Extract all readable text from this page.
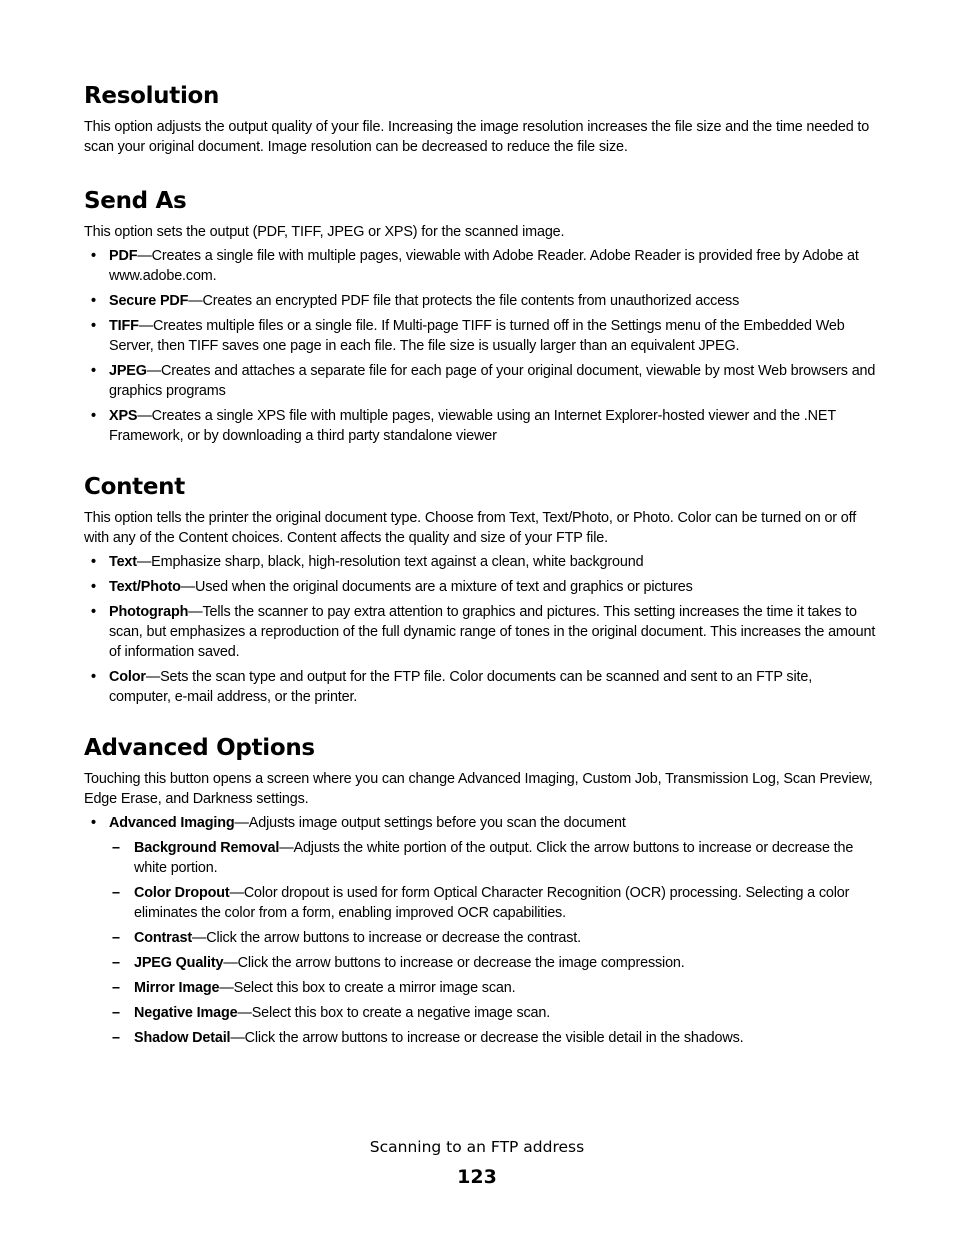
Resolution

This option adjusts the output quality of your file. Increasing the image resolution increases the file size and the time needed to scan your original document. Image resolution can be decreased to reduce the file size.

Send As

This option sets the output (PDF, TIFF, JPEG or XPS) for the scanned image.

• PDF—Creates a single file with multiple pages, viewable with Adobe Reader. Adobe Reader is provided free by Adobe at www.adobe.com.
• Secure PDF—Creates an encrypted PDF file that protects the file contents from unauthorized access
• TIFF—Creates multiple files or a single file. If Multi-page TIFF is turned off in the Settings menu of the Embedded Web Server, then TIFF saves one page in each file. The file size is usually larger than an equivalent JPEG.
• JPEG—Creates and attaches a separate file for each page of your original document, viewable by most Web browsers and graphics programs
• XPS—Creates a single XPS file with multiple pages, viewable using an Internet Explorer-hosted viewer and the .NET Framework, or by downloading a third party standalone viewer
Content

This option tells the printer the original document type. Choose from Text, Text/Photo, or Photo. Color can be turned on or off with any of the Content choices. Content affects the quality and size of your FTP file.

• Text—Emphasize sharp, black, high-resolution text against a clean, white background
• Text/Photo—Used when the original documents are a mixture of text and graphics or pictures
• Photograph—Tells the scanner to pay extra attention to graphics and pictures. This setting increases the time it takes to scan, but emphasizes a reproduction of the full dynamic range of tones in the original document. This increases the amount of information saved.
• Color—Sets the scan type and output for the FTP file. Color documents can be scanned and sent to an FTP site, computer, e-mail address, or the printer.
Advanced Options

Touching this button opens a screen where you can change Advanced Imaging, Custom Job, Transmission Log, Scan Preview, Edge Erase, and Darkness settings.

• Advanced Imaging—Adjusts image output settings before you scan the document
– Background Removal—Adjusts the white portion of the output. Click the arrow buttons to increase or decrease the white portion.
– Color Dropout—Color dropout is used for form Optical Character Recognition (OCR) processing. Selecting a color eliminates the color from a form, enabling improved OCR capabilities.
– Contrast—Click the arrow buttons to increase or decrease the contrast.
– JPEG Quality—Click the arrow buttons to increase or decrease the image compression.
– Mirror Image—Select this box to create a mirror image scan.
– Negative Image—Select this box to create a negative image scan.
– Shadow Detail—Click the arrow buttons to increase or decrease the visible detail in the shadows.
Scanning to an FTP address
123
